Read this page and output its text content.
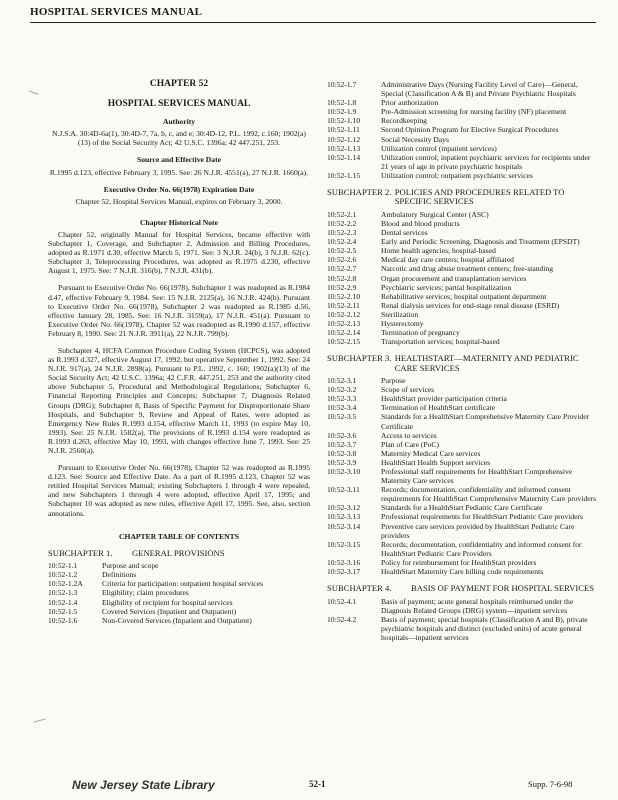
HOSPITAL SERVICES MANUAL
CHAPTER 52
HOSPITAL SERVICES MANUAL
Authority

N.J.S.A. 30:4D-6a(1), 30:4D-7, 7a, b, c, and e; 30:4D-12, P.L. 1992, c.160; 1902(a)(13) of the Social Security Act; 42 U.S.C. 1396a; 42 447.251, 253.

Source and Effective Date

R.1995 d.123, effective February 3, 1995. See: 26 N.J.R. 4551(a), 27 N.J.R. 1660(a).

Executive Order No. 66(1978) Expiration Date

Chapter 52, Hospital Services Manual, expires on February 3, 2000.

Chapter Historical Note

Chapter 52, originally Manual for Hospital Services, became effective with Subchapter 1, Coverage, and Subchapter 2, Admission and Billing Procedures, adopted as R.1971 d.30, effective March 5, 1971. See: 3 N.J.R. 24(b), 3 N.J.R. 62(c). Subchapter 3, Teleprocessing Procedures, was adopted as R.1975 d.230, effective August 1, 1975. See: 7 N.J.R. 316(b), 7 N.J.R. 431(b).

Pursuant to Executive Order No. 66(1978), Subchapter 1 was readopted as R.1984 d.47, effective February 9, 1984. See: 15 N.J.R. 2125(a), 16 N.J.R. 424(b). Pursuant to Executive Order No. 66(1978), Subchapter 2 was readopted as R.1985 d.56, effective January 28, 1985. See: 16 N.J.R. 3159(a), 17 N.J.R. 451(a). Pursuant to Executive Order No. 66(1978), Chapter 52 was readopted as R.1990 d.157, effective February 8, 1990. See: 21 N.J.R. 3911(a), 22 N.J.R. 799(b).

Subchapter 4, HCFA Common Procedure Coding System (HCPCS), was adopted as R.1993 d.327, effective August 17, 1992, but operative September 1, 1992. See: 24 N.J.R. 917(a), 24 N.J.R. 2898(a). Pursuant to P.L. 1992, c. 160; 1902(a)(13) of the Social Security Act; 42 U.S.C. 1396a; 42 C.F.R. 447.251, 253 and the authority cited above Subchapter 5, Procedural and Methodological Regulations; Subchapter 6, Financial Reporting Principles and Concepts; Subchapter 7, Diagnosis Related Groups (DRG); Subchapter 8, Basis of Specific Payment for Disproportionate Share Hospitals, and Subchapter 9, Review and Appeal of Rates, were adopted as Emergency New Rules R.1993 d.154, effective March 11, 1993 (to expire May 10, 1993). See: 25 N.J.R. 1582(a). The provisions of R.1993 d.154 were readopted as R.1993 d.263, effective May 10, 1993, with changes effective June 7, 1993. See: 25 N.J.R. 2560(a).

Pursuant to Executive Order No. 66(1978), Chapter 52 was readopted as R.1995 d.123. See: Source and Effective Date. As a part of R.1995 d.123, Chapter 52 was retitled Hospital Services Manual; existing Subchapters 1 through 4 were repealed, and new Subchapters 1 through 4 were adopted, effective April 17, 1995; and Subchapter 10 was adopted as new rules, effective April 17, 1995. See, also, section annotations.

CHAPTER TABLE OF CONTENTS
SUBCHAPTER 1.	GENERAL PROVISIONS
10:52-1.1	Purpose and scope
10:52-1.2	Definitions
10:52-1.2A	Criteria for participation: outpatient hospital services
10:52-1.3	Eligibility; claim procedures
10:52-1.4	Eligibility of recipient for hospital services
10:52-1.5	Covered Services (Inpatient and Outpatient)
10:52-1.6	Non-Covered Services (Inpatient and Outpatient)
10:52-1.7	Administrative Days (Nursing Facility Level of Care)—General, Special (Classification A & B) and Private Psychiatric Hospitals
10:52-1.8	Prior authorization
10:52-1.9	Pre-Admission screening for nursing facility (NF) placement
10:52-1.10	Recordkeeping
10:52-1.11	Second Opinion Program for Elective Surgical Procedures
10:52-1.12	Social Necessity Days
10:52-1.13	Utilization control (inpatient services)
10:52-1.14	Utilization control; inpatient psychiatric services for recipients under 21 years of age in private psychiatric hospitals
10:52-1.15	Utilization control; outpatient psychiatric services
SUBCHAPTER 2. POLICIES AND PROCEDURES RELATED TO SPECIFIC SERVICES
10:52-2.1	Ambulatory Surgical Center (ASC)
10:52-2.2	Blood and blood products
10:52-2.3	Dental services
10:52-2.4	Early and Periodic Screening, Diagnosis and Treatment (EPSDT)
10:52-2.5	Home health agencies; hospital-based
10:52-2.6	Medical day care centers; hospital affiliated
10:52-2.7	Narcotic and drug abuse treatment centers; free-standing
10:52-2.8	Organ procurement and transplantation services
10:52-2.9	Psychiatric services; partial hospitalization
10:52-2.10	Rehabilitative services; hospital outpatient department
10:52-2.11	Renal dialysis services for end-stage renal disease (ESRD)
10:52-2.12	Sterilization
10:52-2.13	Hysterectomy
10:52-2.14	Termination of pregnancy
10:52-2.15	Transportation services; hospital-based
SUBCHAPTER 3. HEALTHSTART—MATERNITY AND PEDIATRIC CARE SERVICES
10:52-3.1	Purpose
10:52-3.2	Scope of services
10:52-3.3	HealthStart provider participation criteria
10:52-3.4	Termination of HealthStart certificate
10:52-3.5	Standards for a HealthStart Comprehensive Maternity Care Provider Certificate
10:52-3.6	Access to services
10:52-3.7	Plan of Care (PoC)
10:52-3.8	Maternity Medical Care services
10:52-3.9	HealthStart Health Support services
10:52-3.10	Professional staff requirements for HealthStart Comprehensive Maternity Care services
10:52-3.11	Records; documentation, confidentiality and informed consent requirements for HealthStart Comprehensive Maternity Care providers
10:52-3.12	Standards for a HealthStart Pediatric Care Certificate
10:52-3.13	Professional requirements for HealthStart Pediatric Care providers
10:52-3.14	Preventive care services provided by HealthStart Pediatric Care providers
10:52-3.15	Records; documentation, confidentiality and informed consent for HealthStart Pediatric Care Providers
10:52-3.16	Policy for reimbursement for HealthStart providers
10:52-3.17	HealthStart Maternity Care billing code requirements
SUBCHAPTER 4.	BASIS OF PAYMENT FOR HOSPITAL SERVICES
10:52-4.1	Basis of payment; acute general hospitals reimbursed under the Diagnosis Related Groups (DRG) system—inpatient services
10:52-4.2	Basis of payment; special hospitals (Classification A and B), private psychiatric hospitals and distinct (excluded units) of acute general hospitals—inpatient services
New Jersey State Library	52-1	Supp. 7-6-98
